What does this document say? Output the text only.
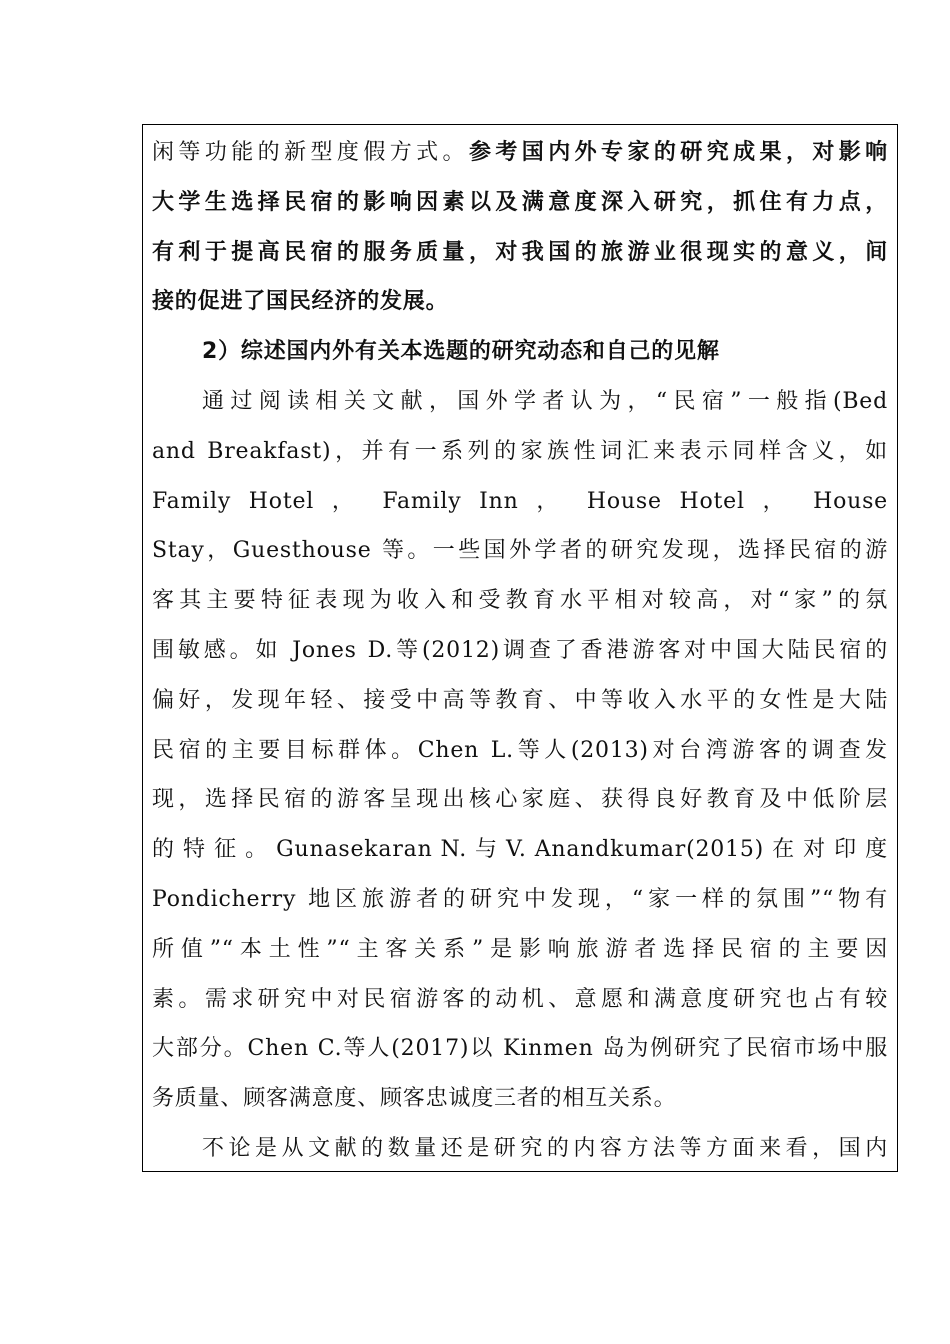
闲等功能的新型度假方式。参考国内外专家的研究成果，对影响
大学生选择民宿的影响因素以及满意度深入研究，抓住有力点，
有利于提高民宿的服务质量，对我国的旅游业很现实的意义，间
接的促进了国民经济的发展。
2）综述国内外有关本选题的研究动态和自己的见解
通过阅读相关文献，国外学者认为，“民宿”一般指(Bed
and Breakfast)，并有一系列的家族性词汇来表示同样含义，如
Family Hotel ， Family Inn ， House Hotel ， House
Stay，Guesthouse 等。一些国外学者的研究发现，选择民宿的游
客其主要特征表现为收入和受教育水平相对较高，对“家”的氛
围敏感。如 Jones D.等(2012)调查了香港游客对中国大陆民宿的
偏好，发现年轻、接受中高等教育、中等收入水平的女性是大陆
民宿的主要目标群体。Chen L.等人(2013)对台湾游客的调查发
现，选择民宿的游客呈现出核心家庭、获得良好教育及中低阶层
的 特 征 。 Gunasekaran N. 与 V. Anandkumar(2015) 在 对 印 度
Pondicherry 地区旅游者的研究中发现，“家一样的氛围”“物有
所值”“本土性”“主客关系”是影响旅游者选择民宿的主要因
素。需求研究中对民宿游客的动机、意愿和满意度研究也占有较
大部分。Chen C.等人(2017)以 Kinmen 岛为例研究了民宿市场中服
务质量、顾客满意度、顾客忠诚度三者的相互关系。
不论是从文献的数量还是研究的内容方法等方面来看，国内
